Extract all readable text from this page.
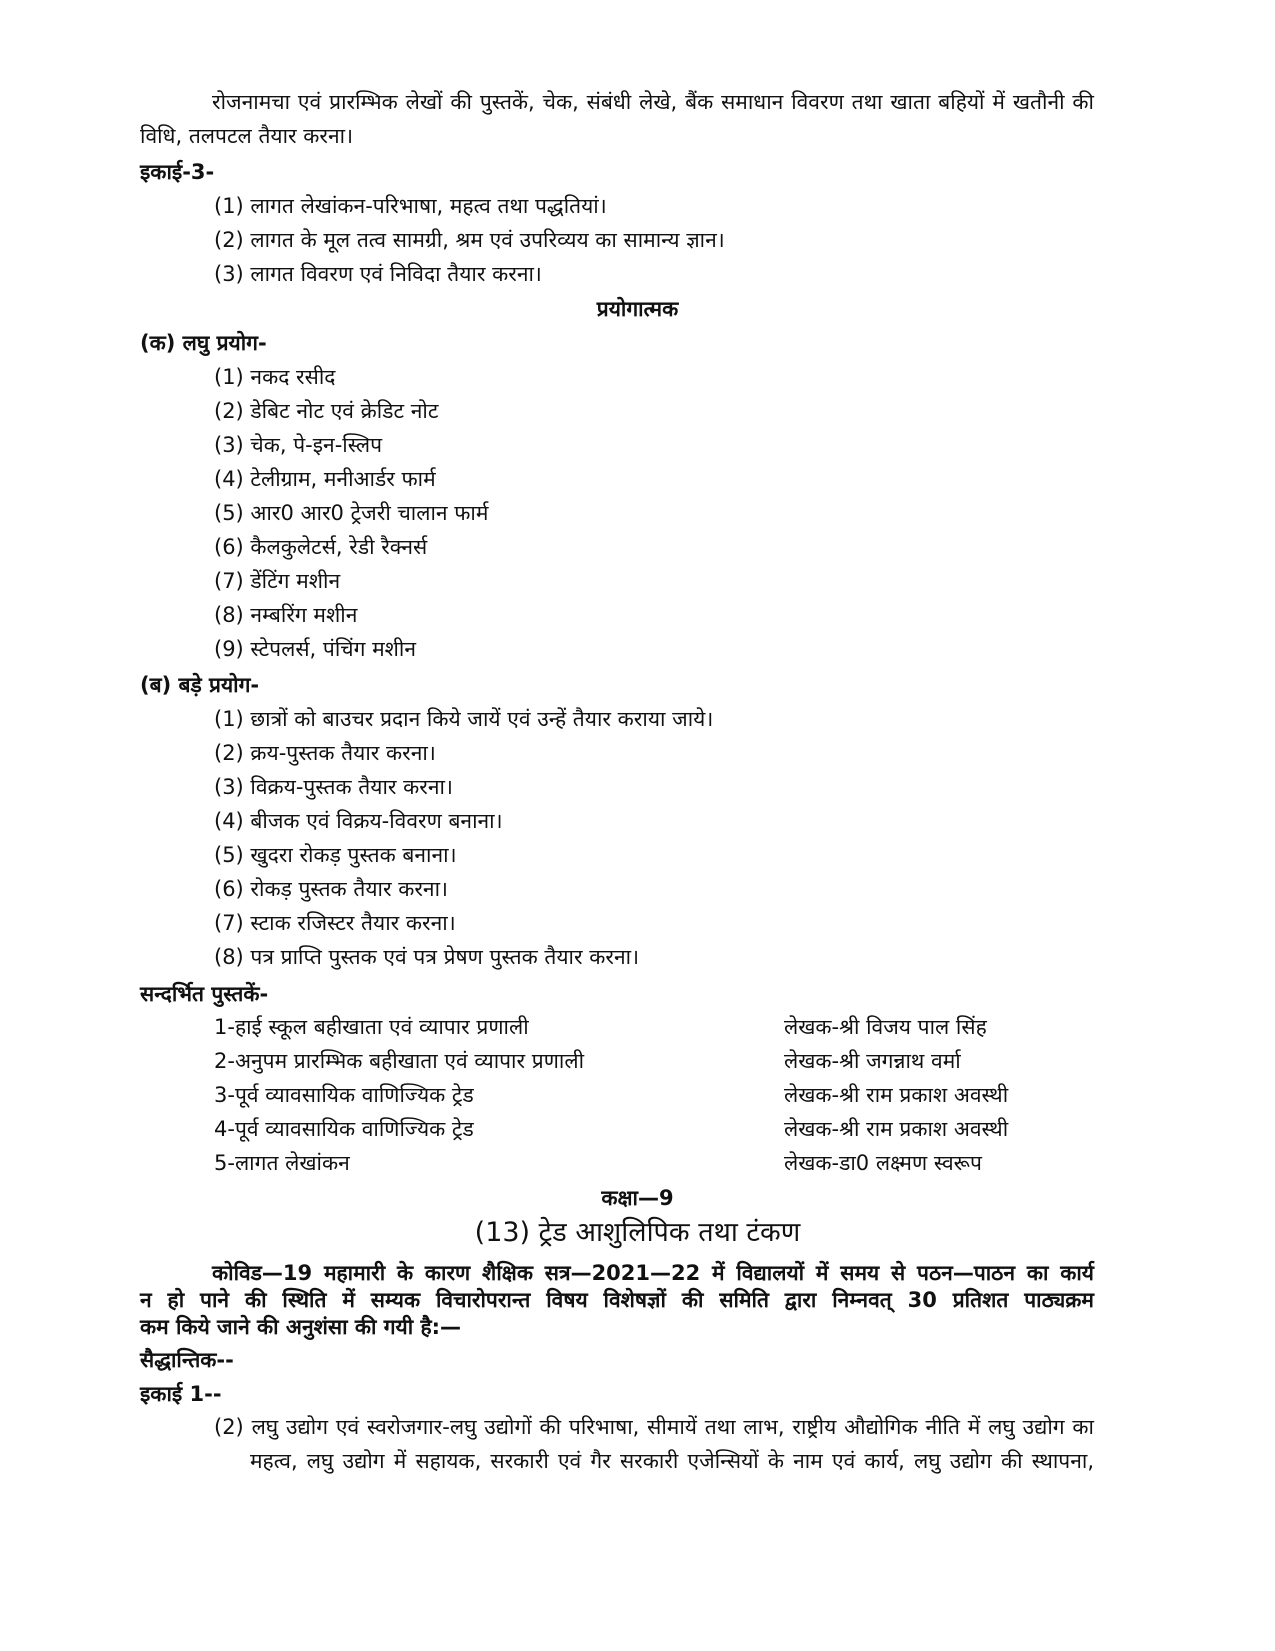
रोजनामचा एवं प्रारम्भिक लेखों की पुस्तकें, चेक, संबंधी लेखे, बैंक समाधान विवरण तथा खाता बहियों में खतौनी की
विधि, तलपटल तैयार करना।
इकाई-3-
(1) लागत लेखांकन-परिभाषा, महत्व तथा पद्धतियां।
(2) लागत के मूल तत्व सामग्री, श्रम एवं उपरिव्यय का सामान्य ज्ञान।
(3) लागत विवरण एवं निविदा तैयार करना।
प्रयोगात्मक
(क) लघु प्रयोग-
(1) नकद रसीद
(2) डेबिट नोट एवं क्रेडिट नोट
(3) चेक, पे-इन-स्लिप
(4) टेलीग्राम, मनीआर्डर फार्म
(5) आर0 आर0 ट्रेजरी चालान फार्म
(6) कैलकुलेटर्स, रेडी रैक्नर्स
(7) डेंटिंग मशीन
(8) नम्बरिंग मशीन
(9) स्टेपलर्स, पंचिंग मशीन
(ब) बड़े प्रयोग-
(1) छात्रों को बाउचर प्रदान किये जायें एवं उन्हें तैयार कराया जाये।
(2) क्रय-पुस्तक तैयार करना।
(3) विक्रय-पुस्तक तैयार करना।
(4) बीजक एवं विक्रय-विवरण बनाना।
(5) खुदरा रोकड़ पुस्तक बनाना।
(6) रोकड़ पुस्तक तैयार करना।
(7) स्टाक रजिस्टर तैयार करना।
(8) पत्र प्राप्ति पुस्तक एवं पत्र प्रेषण पुस्तक तैयार करना।
सन्दर्भित पुस्तकें-
1-हाई स्कूल बहीखाता एवं व्यापार प्रणाली	लेखक-श्री विजय पाल सिंह
2-अनुपम प्रारम्भिक बहीखाता एवं व्यापार प्रणाली	लेखक-श्री जगन्नाथ वर्मा
3-पूर्व व्यावसायिक वाणिज्यिक ट्रेड	लेखक-श्री राम प्रकाश अवस्थी
4-पूर्व व्यावसायिक वाणिज्यिक ट्रेड	लेखक-श्री राम प्रकाश अवस्थी
5-लागत लेखांकन	लेखक-डा0 लक्ष्मण स्वरूप
कक्षा—9
(13) ट्रेड आशुलिपिक तथा टंकण
कोविड—19 महामारी के कारण शैक्षिक सत्र—2021—22 में विद्यालयों में समय से पठन—पाठन का कार्य
न हो पाने की स्थिति में सम्यक विचारोपरान्त विषय विशेषज्ञों की समिति द्वारा निम्नवत् 30 प्रतिशत पाठ्यक्रम
कम किये जाने की अनुशंसा की गयी है:—
सैद्धान्तिक--
इकाई 1--
(2) लघु उद्योग एवं स्वरोजगार-लघु उद्योगों की परिभाषा, सीमायें तथा लाभ, राष्ट्रीय औद्योगिक नीति में लघु उद्योग का
महत्व, लघु उद्योग में सहायक, सरकारी एवं गैर सरकारी एजेन्सियों के नाम एवं कार्य, लघु उद्योग की स्थापना,
